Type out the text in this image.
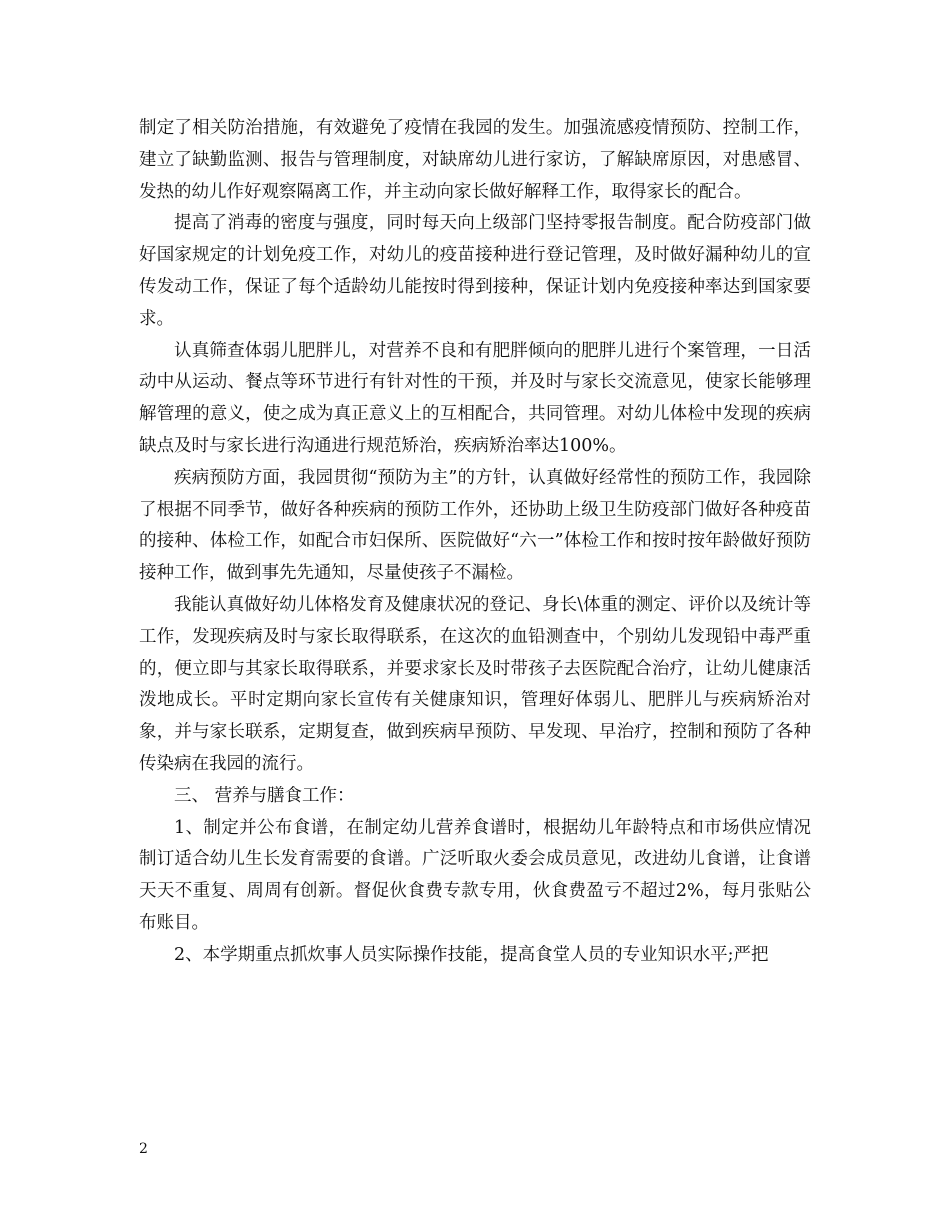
制定了相关防治措施，有效避免了疫情在我园的发生。加强流感疫情预防、控制工作，建立了缺勤监测、报告与管理制度，对缺席幼儿进行家访，了解缺席原因，对患感冒、发热的幼儿作好观察隔离工作，并主动向家长做好解释工作，取得家长的配合。

提高了消毒的密度与强度，同时每天向上级部门坚持零报告制度。配合防疫部门做好国家规定的计划免疫工作，对幼儿的疫苗接种进行登记管理，及时做好漏种幼儿的宣传发动工作，保证了每个适龄幼儿能按时得到接种，保证计划内免疫接种率达到国家要求。

认真筛查体弱儿肥胖儿，对营养不良和有肥胖倾向的肥胖儿进行个案管理，一日活动中从运动、餐点等环节进行有针对性的干预，并及时与家长交流意见，使家长能够理解管理的意义，使之成为真正意义上的互相配合，共同管理。对幼儿体检中发现的疾病缺点及时与家长进行沟通进行规范矫治，疾病矫治率达100%。

疾病预防方面，我园贯彻“预防为主”的方针，认真做好经常性的预防工作，我园除了根据不同季节，做好各种疾病的预防工作外，还协助上级卫生防疫部门做好各种疫苗的接种、体检工作，如配合市妇保所、医院做好“六一”体检工作和按时按年龄做好预防接种工作，做到事先先通知，尽量使孩子不漏检。

我能认真做好幼儿体格发育及健康状况的登记、身长\体重的测定、评价以及统计等工作，发现疾病及时与家长取得联系，在这次的血铅测查中，个别幼儿发现铅中毒严重的，便立即与其家长取得联系，并要求家长及时带孩子去医院配合治疗，让幼儿健康活泼地成长。平时定期向家长宣传有关健康知识，管理好体弱儿、肥胖儿与疾病矫治对象，并与家长联系，定期复查，做到疾病早预防、早发现、早治疗，控制和预防了各种传染病在我园的流行。

三、 营养与膳食工作：

1、制定并公布食谱，在制定幼儿营养食谱时，根据幼儿年龄特点和市场供应情况制订适合幼儿生长发育需要的食谱。广泛听取火委会成员意见，改进幼儿食谱，让食谱天天不重复、周周有创新。督促伙食费专款专用，伙食费盈亏不超过2%，每月张贴公布账目。

2、本学期重点抓炊事人员实际操作技能，提高食堂人员的专业知识水平;严把

2
